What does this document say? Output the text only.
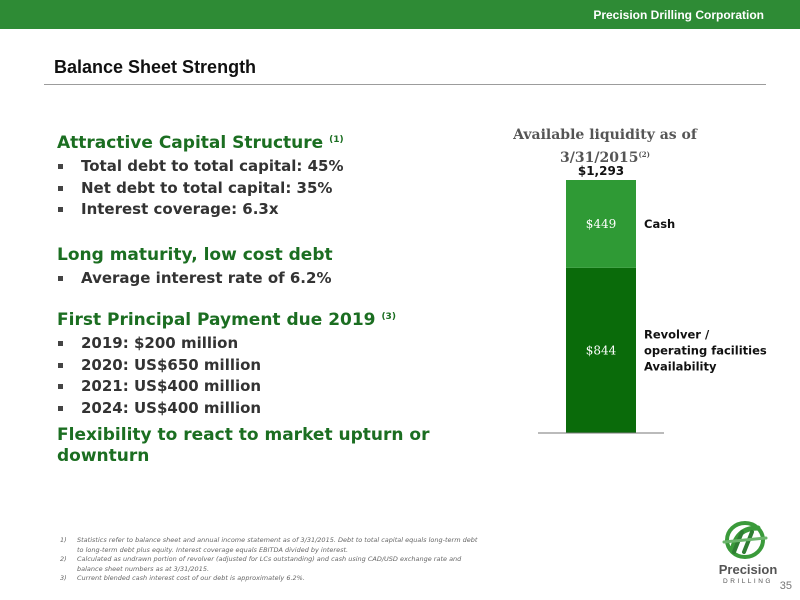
Precision Drilling Corporation
Balance Sheet Strength

Attractive Capital Structure $^{(1)}$

Total debt to total capital: 45%
Net debt to total capital: 35%
Interest coverage: 6.3x

Long maturity, low cost debt

Average interest rate of 6.2%

First Principal Payment due 2019 $^{(3)}$

2019: $200 million
2020: US$650 million
2021: US$400 million
2024: US$400 million

Flexibility to react to market upturn or downturn

Available liquidity as of 3/31/2015$^{(2)}$
$844
Revolver / operating facilities Availability
$449 Cash
$1,293
1)	Statistics refer to balance sheet and annual income statement as of 3/31/2015. Debt to total capital equals long-term debt to long-term debt plus equity. Interest coverage equals EBITDA divided by interest.
2)	Calculated as undrawn portion of revolver (adjusted for LCs outstanding) and cash using CAD/USD exchange rate and balance sheet numbers as at 3/31/2015.
3)	Current blended cash interest cost of our debt is approximately 6.2%.
Precision
DRILLING 35
